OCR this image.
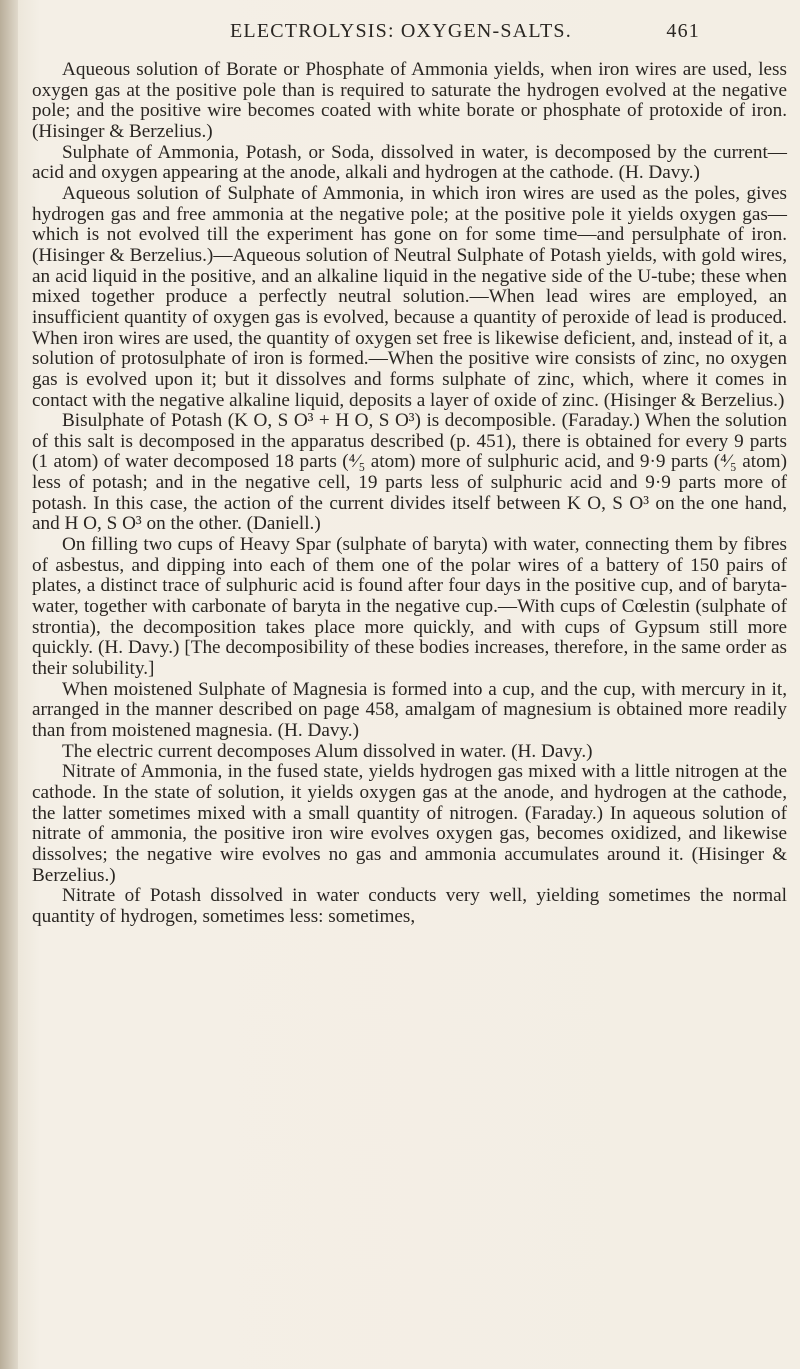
ELECTROLYSIS: OXYGEN-SALTS.	461

Aqueous solution of Borate or Phosphate of Ammonia yields, when iron wires are used, less oxygen gas at the positive pole than is required to saturate the hydrogen evolved at the negative pole; and the positive wire becomes coated with white borate or phosphate of protoxide of iron. (Hisinger & Berzelius.)

Sulphate of Ammonia, Potash, or Soda, dissolved in water, is decomposed by the current—acid and oxygen appearing at the anode, alkali and hydrogen at the cathode. (H. Davy.)

Aqueous solution of Sulphate of Ammonia, in which iron wires are used as the poles, gives hydrogen gas and free ammonia at the negative pole; at the positive pole it yields oxygen gas—which is not evolved till the experiment has gone on for some time—and persulphate of iron. (Hisinger & Berzelius.)—Aqueous solution of Neutral Sulphate of Potash yields, with gold wires, an acid liquid in the positive, and an alkaline liquid in the negative side of the U-tube; these when mixed together produce a perfectly neutral solution.—When lead wires are employed, an insufficient quantity of oxygen gas is evolved, because a quantity of peroxide of lead is produced. When iron wires are used, the quantity of oxygen set free is likewise deficient, and, instead of it, a solution of protosulphate of iron is formed.—When the positive wire consists of zinc, no oxygen gas is evolved upon it; but it dissolves and forms sulphate of zinc, which, where it comes in contact with the negative alkaline liquid, deposits a layer of oxide of zinc. (Hisinger & Berzelius.)

Bisulphate of Potash (K O, S O³ + H O, S O³) is decomposible. (Faraday.) When the solution of this salt is decomposed in the apparatus described (p. 451), there is obtained for every 9 parts (1 atom) of water decomposed 18 parts (⁴⁄₅ atom) more of sulphuric acid, and 9·9 parts (⁴⁄₅ atom) less of potash; and in the negative cell, 19 parts less of sulphuric acid and 9·9 parts more of potash. In this case, the action of the current divides itself between K O, S O³ on the one hand, and H O, S O³ on the other. (Daniell.)

On filling two cups of Heavy Spar (sulphate of baryta) with water, connecting them by fibres of asbestus, and dipping into each of them one of the polar wires of a battery of 150 pairs of plates, a distinct trace of sulphuric acid is found after four days in the positive cup, and of baryta-water, together with carbonate of baryta in the negative cup.—With cups of Cœlestin (sulphate of strontia), the decomposition takes place more quickly, and with cups of Gypsum still more quickly. (H. Davy.) [The decomposibility of these bodies increases, therefore, in the same order as their solubility.]

When moistened Sulphate of Magnesia is formed into a cup, and the cup, with mercury in it, arranged in the manner described on page 458, amalgam of magnesium is obtained more readily than from moistened magnesia. (H. Davy.)

The electric current decomposes Alum dissolved in water. (H. Davy.)

Nitrate of Ammonia, in the fused state, yields hydrogen gas mixed with a little nitrogen at the cathode. In the state of solution, it yields oxygen gas at the anode, and hydrogen at the cathode, the latter sometimes mixed with a small quantity of nitrogen. (Faraday.) In aqueous solution of nitrate of ammonia, the positive iron wire evolves oxygen gas, becomes oxidized, and likewise dissolves; the negative wire evolves no gas and ammonia accumulates around it. (Hisinger & Berzelius.)

Nitrate of Potash dissolved in water conducts very well, yielding sometimes the normal quantity of hydrogen, sometimes less: sometimes,
